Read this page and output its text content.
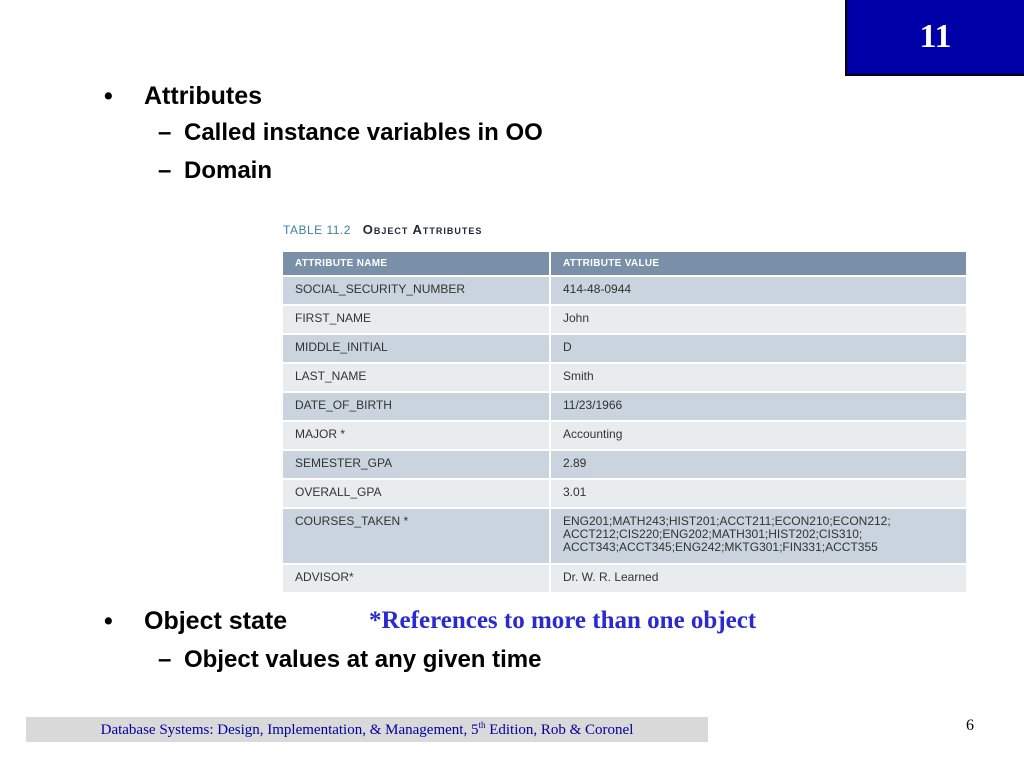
11
•	Attributes
– Called instance variables in OO
– Domain
TABLE 11.2 Object Attributes
ATTRIBUTE NAME	ATTRIBUTE VALUE
SOCIAL_SECURITY_NUMBER	414-48-0944
FIRST_NAME	John
MIDDLE_INITIAL	D
LAST_NAME	Smith
DATE_OF_BIRTH	11/23/1966
MAJOR *	Accounting
SEMESTER_GPA	2.89
OVERALL_GPA	3.01
COURSES_TAKEN *	ENG201;MATH243;HIST201;ACCT211;ECON210;ECON212; ACCT212;CIS220;ENG202;MATH301;HIST202;CIS310; ACCT343;ACCT345;ENG242;MKTG301;FIN331;ACCT355
ADVISOR*	Dr. W. R. Learned
•	Object state	*References to more than one object
– Object values at any given time
Database Systems: Design, Implementation, & Management, 5th Edition, Rob & Coronel	6
